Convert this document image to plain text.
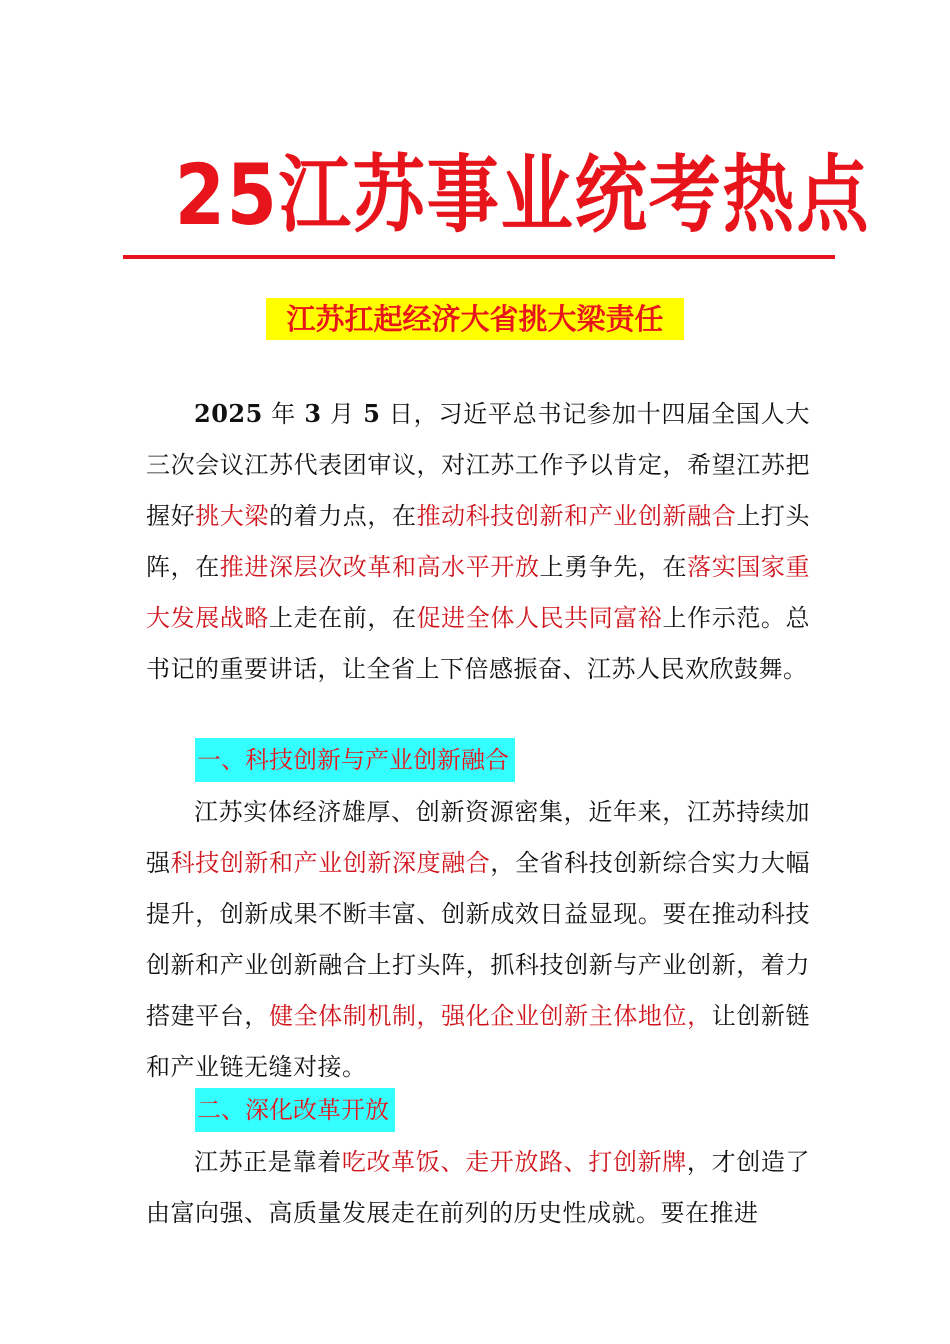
25江苏事业统考热点
江苏扛起经济大省挑大梁责任

2025 年 3 月 5 日，习近平总书记参加十四届全国人大三次会议江苏代表团审议，对江苏工作予以肯定，希望江苏把握好挑大梁的着力点，在推动科技创新和产业创新融合上打头阵，在推进深层次改革和高水平开放上勇争先，在落实国家重大发展战略上走在前，在促进全体人民共同富裕上作示范。总书记的重要讲话，让全省上下倍感振奋、江苏人民欢欣鼓舞。

一、科技创新与产业创新融合

江苏实体经济雄厚、创新资源密集，近年来，江苏持续加强科技创新和产业创新深度融合，全省科技创新综合实力大幅提升，创新成果不断丰富、创新成效日益显现。要在推动科技创新和产业创新融合上打头阵，抓科技创新与产业创新，着力搭建平台，健全体制机制，强化企业创新主体地位，让创新链和产业链无缝对接。

二、深化改革开放

江苏正是靠着吃改革饭、走开放路、打创新牌，才创造了由富向强、高质量发展走在前列的历史性成就。要在推进
